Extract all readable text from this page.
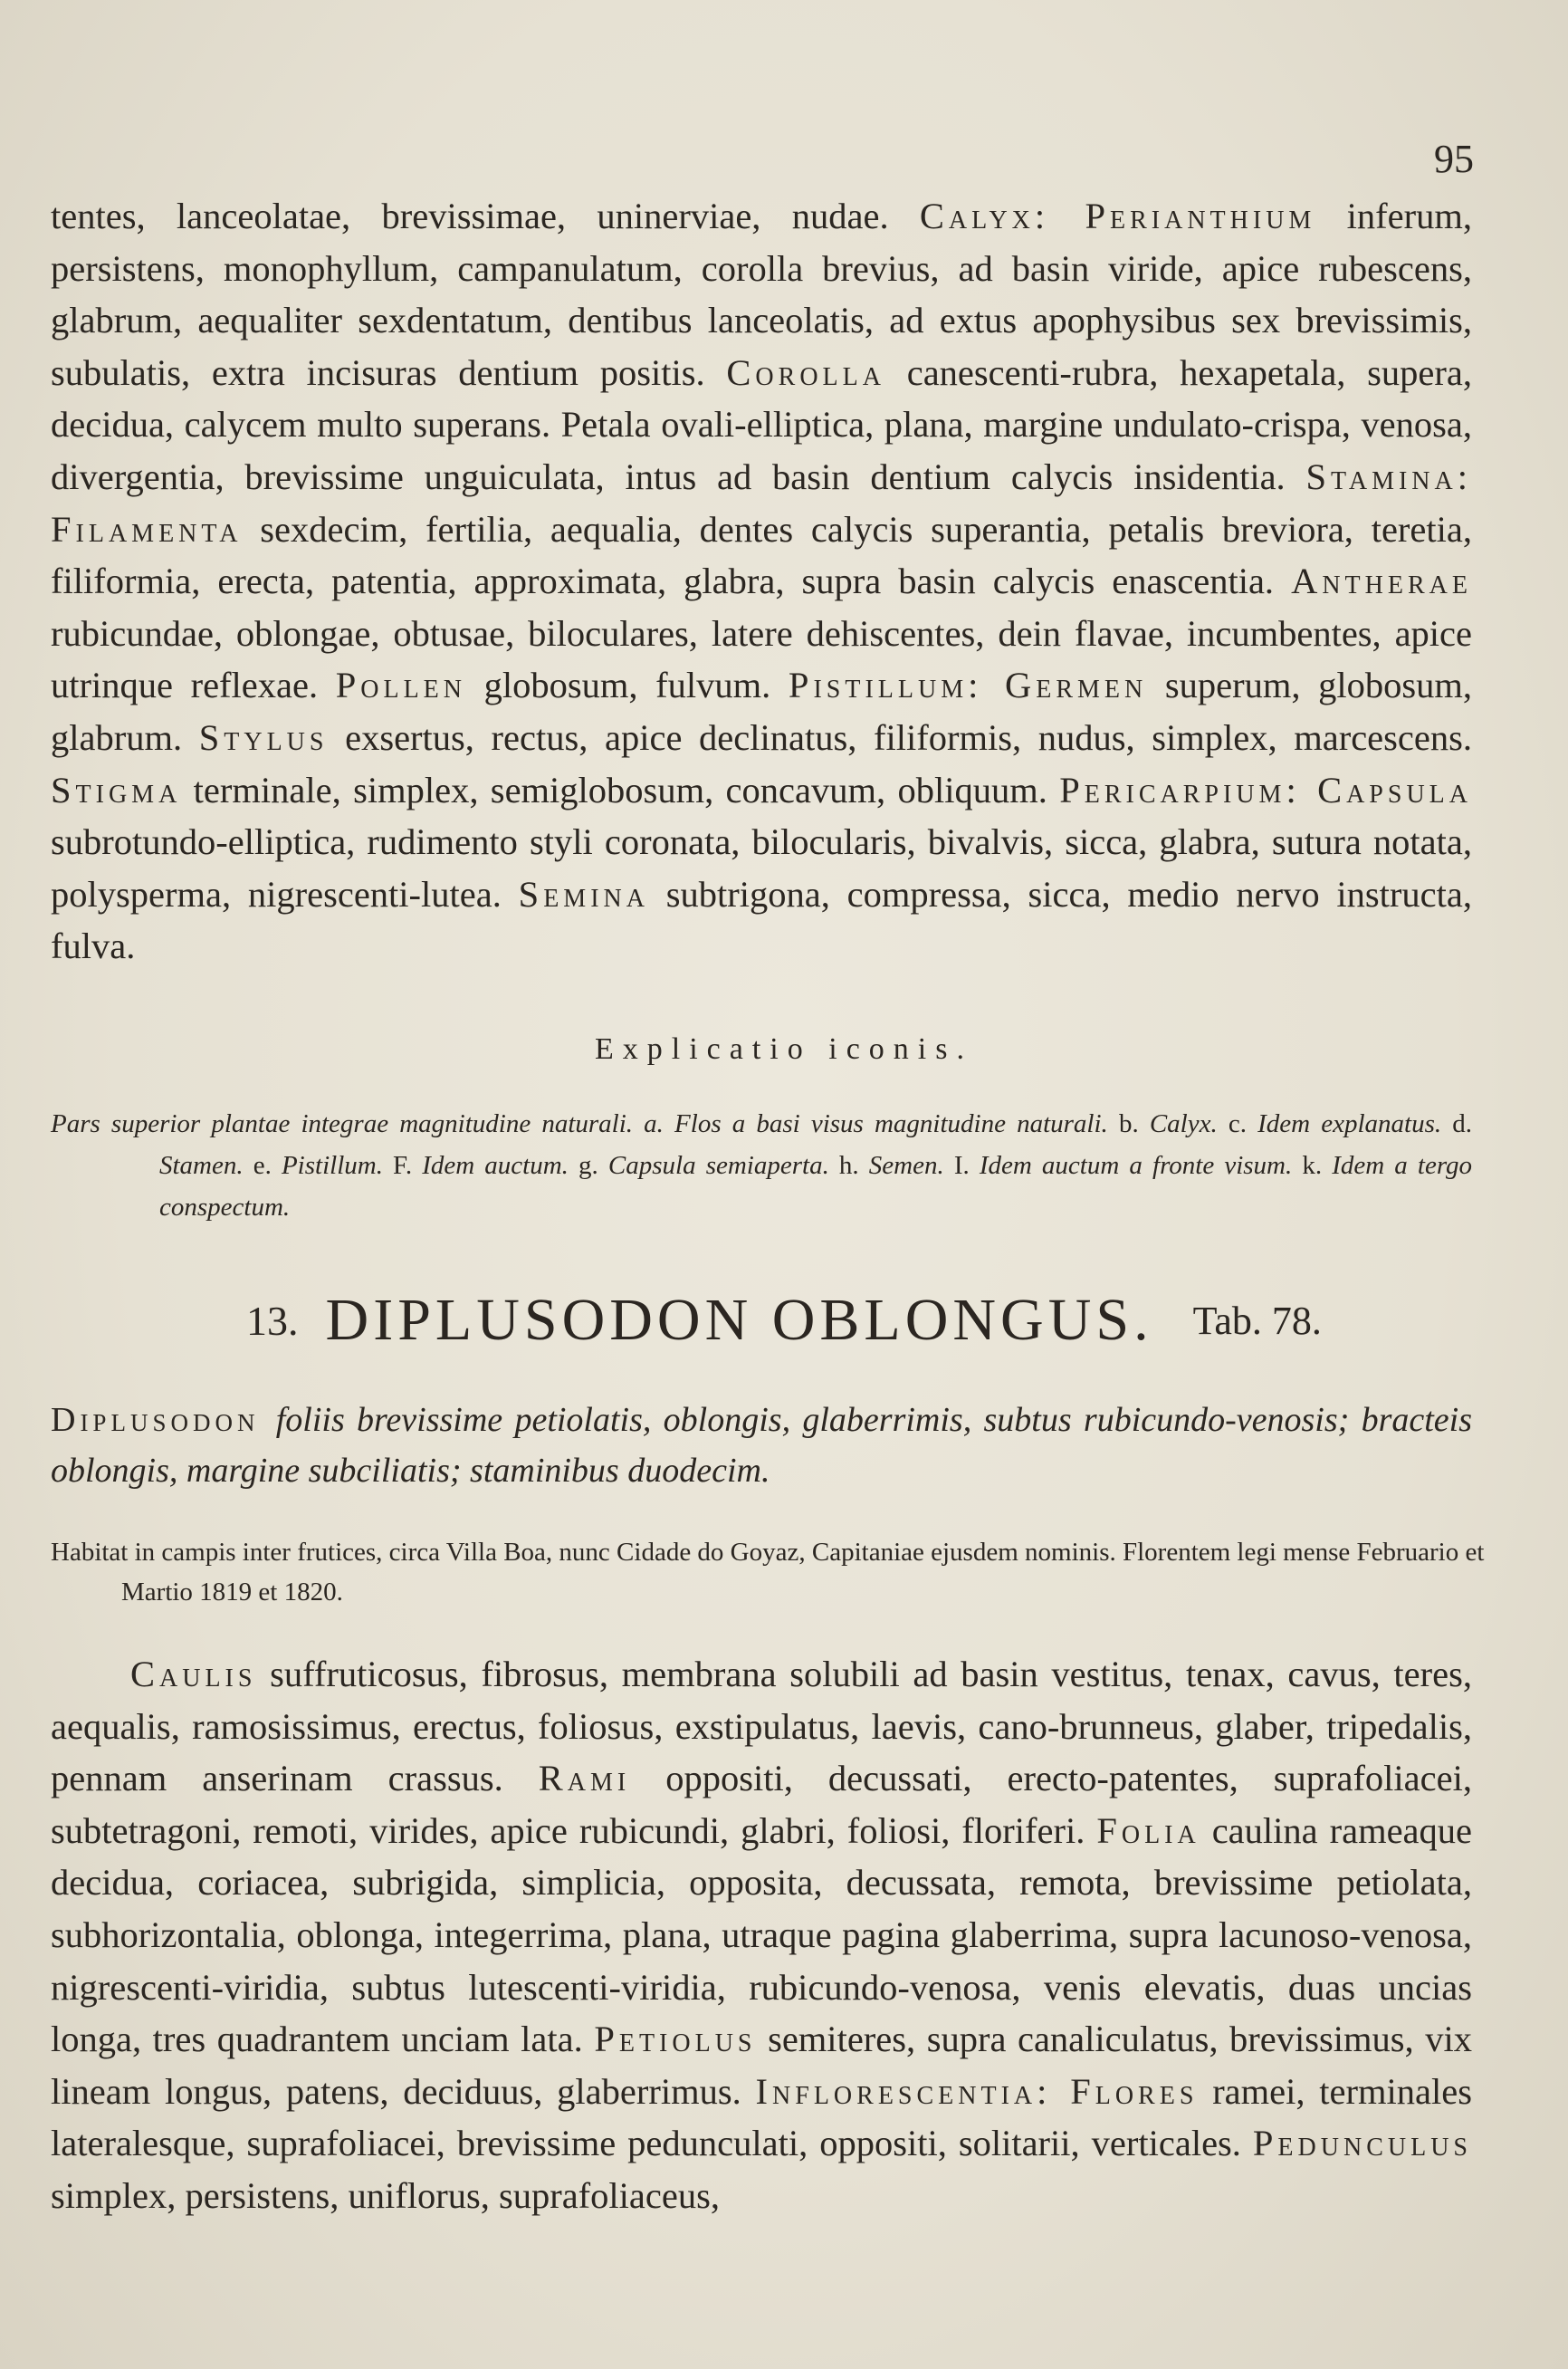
95

tentes, lanceolatae, brevissimae, uninerviae, nudae. Calyx: Perianthium inferum, persistens, monophyllum, campanulatum, corolla brevius, ad basin viride, apice rubescens, glabrum, aequaliter sexdentatum, dentibus lanceolatis, ad extus apophysibus sex brevissimis, subulatis, extra incisuras dentium positis. Corolla canescenti-rubra, hexapetala, supera, decidua, calycem multo superans. Petala ovali-elliptica, plana, margine undulato-crispa, venosa, divergentia, brevissime unguiculata, intus ad basin dentium calycis insidentia. Stamina: Filamenta sexdecim, fertilia, aequalia, dentes calycis superantia, petalis breviora, teretia, filiformia, erecta, patentia, approximata, glabra, supra basin calycis enascentia. Antherae rubicundae, oblongae, obtusae, biloculares, latere dehiscentes, dein flavae, incumbentes, apice utrinque reflexae. Pollen globosum, fulvum. Pistillum: Germen superum, globosum, glabrum. Stylus exsertus, rectus, apice declinatus, filiformis, nudus, simplex, marcescens. Stigma terminale, simplex, semiglobosum, concavum, obliquum. Pericarpium: Capsula subrotundo-elliptica, rudimento styli coronata, bilocularis, bivalvis, sicca, glabra, sutura notata, polysperma, nigrescenti-lutea. Semina subtrigona, compressa, sicca, medio nervo instructa, fulva.

Explicatio iconis.

Pars superior plantae integrae magnitudine naturali. a. Flos a basi visus magnitudine naturali. b. Calyx. c. Idem explanatus. d. Stamen. e. Pistillum. F. Idem auctum. g. Capsula semiaperta. h. Semen. I. Idem auctum a fronte visum. k. Idem a tergo conspectum.

13. DIPLUSODON OBLONGUS. Tab. 78.

Diplusodon foliis brevissime petiolatis, oblongis, glaberrimis, subtus rubicundo-venosis; bracteis oblongis, margine subciliatis; staminibus duodecim.

Habitat in campis inter frutices, circa Villa Boa, nunc Cidade do Goyaz, Capitaniae ejusdem nominis. Florentem legi mense Februario et Martio 1819 et 1820.

Caulis suffruticosus, fibrosus, membrana solubili ad basin vestitus, tenax, cavus, teres, aequalis, ramosissimus, erectus, foliosus, exstipulatus, laevis, cano-brunneus, glaber, tripedalis, pennam anserinam crassus. Rami oppositi, decussati, erecto-patentes, suprafoliacei, subtetragoni, remoti, virides, apice rubicundi, glabri, foliosi, floriferi. Folia caulina rameaque decidua, coriacea, subrigida, simplicia, opposita, decussata, remota, brevissime petiolata, subhorizontalia, oblonga, integerrima, plana, utraque pagina glaberrima, supra lacunoso-venosa, nigrescenti-viridia, subtus lutescenti-viridia, rubicundo-venosa, venis elevatis, duas uncias longa, tres quadrantem unciam lata. Petiolus semiteres, supra canaliculatus, brevissimus, vix lineam longus, patens, deciduus, glaberrimus. Inflorescentia: Flores ramei, terminales lateralesque, suprafoliacei, brevissime pedunculati, oppositi, solitarii, verticales. Pedunculus simplex, persistens, uniflorus, suprafoliaceus,
